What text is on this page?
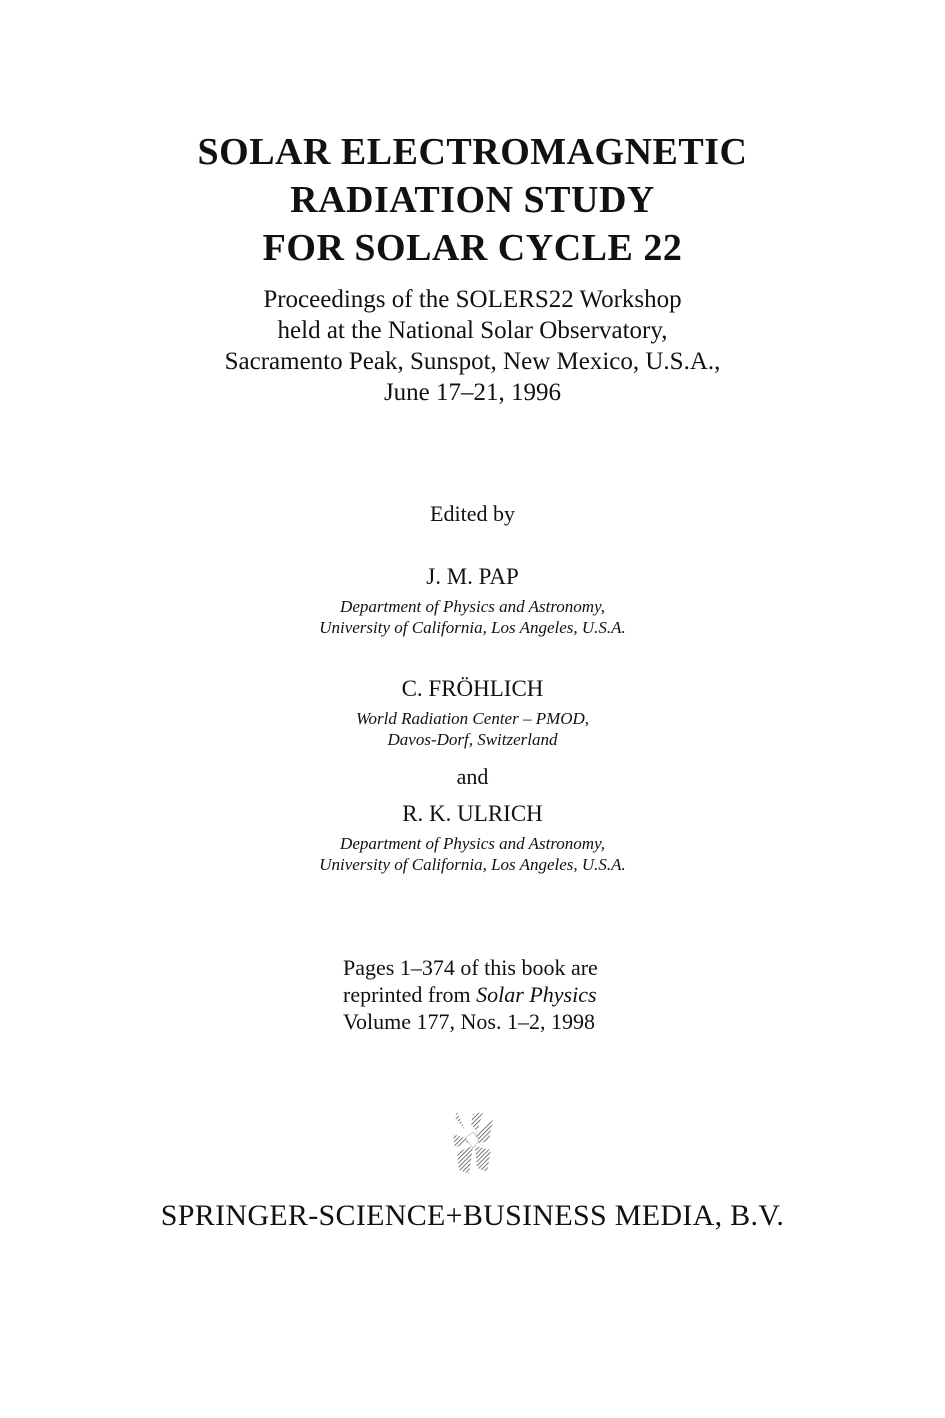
SOLAR ELECTROMAGNETIC
RADIATION STUDY
FOR SOLAR CYCLE 22
Proceedings of the SOLERS22 Workshop
held at the National Solar Observatory,
Sacramento Peak, Sunspot, New Mexico, U.S.A.,
June 17–21, 1996
Edited by
J. M. PAP
Department of Physics and Astronomy,
University of California, Los Angeles, U.S.A.
C. FRÖHLICH
World Radiation Center – PMOD,
Davos-Dorf, Switzerland
and
R. K. ULRICH
Department of Physics and Astronomy,
University of California, Los Angeles, U.S.A.
Pages 1–374 of this book are
reprinted from Solar Physics
Volume 177, Nos. 1–2, 1998
SPRINGER-SCIENCE+BUSINESS MEDIA, B.V.
